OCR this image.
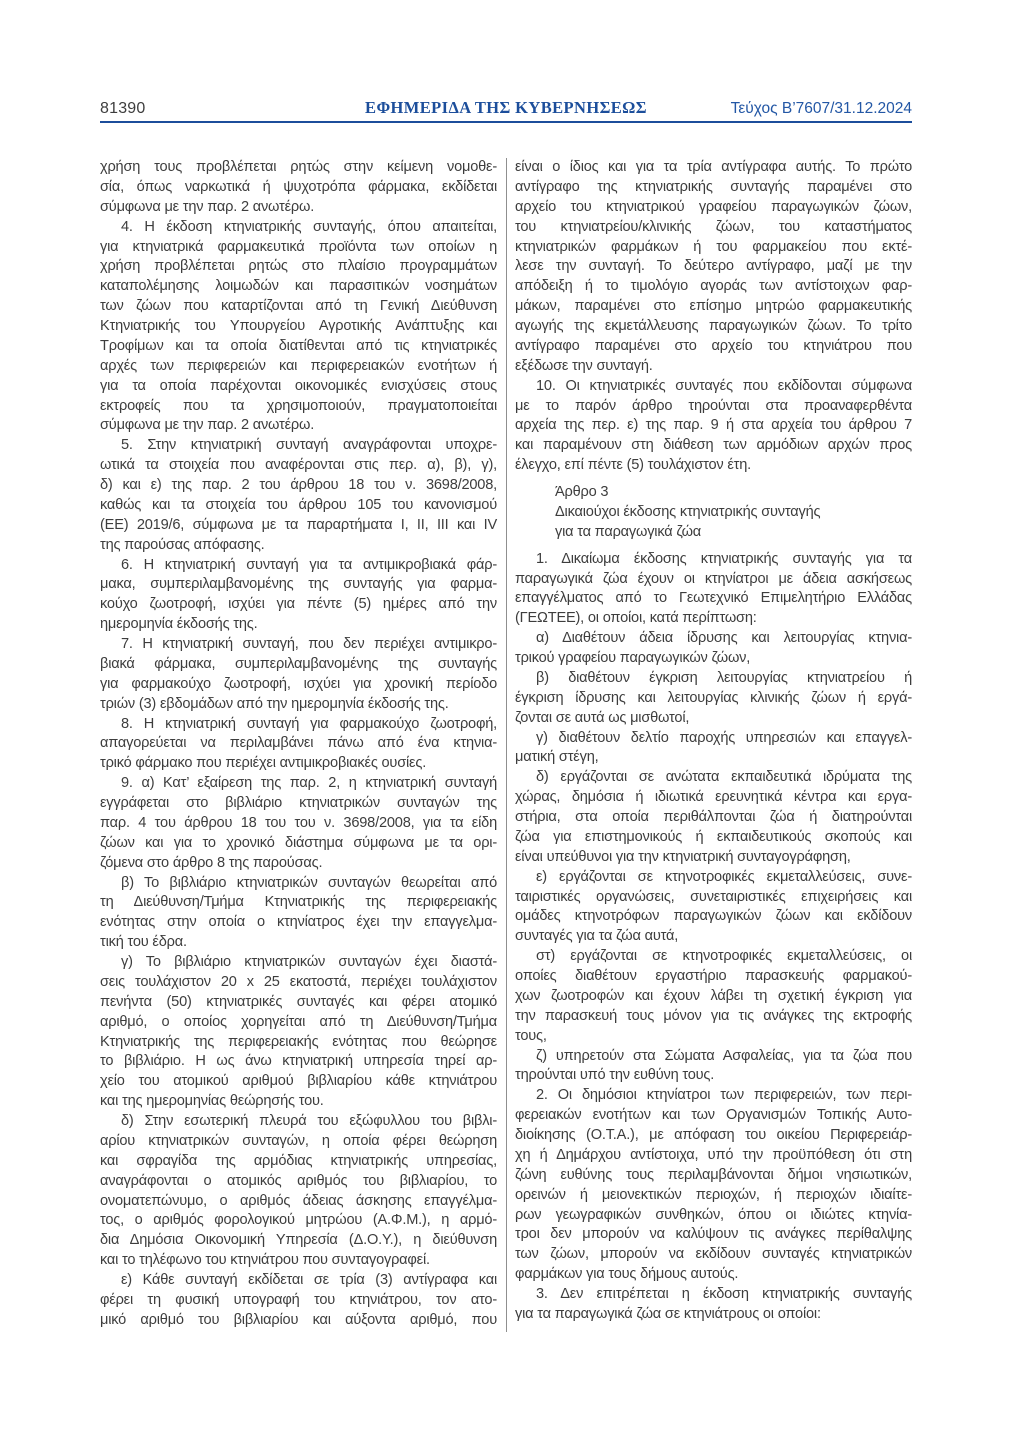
81390	ΕΦΗΜΕΡΙΔΑ ΤΗΣ ΚΥΒΕΡΝΗΣΕΩΣ	Τεύχος Β’7607/31.12.2024
χρήση τους προβλέπεται ρητώς στην κείμενη νομοθε-
σία, όπως ναρκωτικά ή ψυχοτρόπα φάρμακα, εκδίδεται
σύμφωνα με την παρ. 2 ανωτέρω.
4. Η έκδοση κτηνιατρικής συνταγής, όπου απαιτείται,
για κτηνιατρικά φαρμακευτικά προϊόντα των οποίων η
χρήση προβλέπεται ρητώς στο πλαίσιο προγραμμάτων
καταπολέμησης λοιμωδών και παρασιτικών νοσημάτων
των ζώων που καταρτίζονται από τη Γενική Διεύθυνση
Κτηνιατρικής του Υπουργείου Αγροτικής Ανάπτυξης και
Τροφίμων και τα οποία διατίθενται από τις κτηνιατρικές
αρχές των περιφερειών και περιφερειακών ενοτήτων ή
για τα οποία παρέχονται οικονομικές ενισχύσεις στους
εκτροφείς που τα χρησιμοποιούν, πραγματοποιείται
σύμφωνα με την παρ. 2 ανωτέρω.
5. Στην κτηνιατρική συνταγή αναγράφονται υποχρε-
ωτικά τα στοιχεία που αναφέρονται στις περ. α), β), γ),
δ) και ε) της παρ. 2 του άρθρου 18 του ν. 3698/2008,
καθώς και τα στοιχεία του άρθρου 105 του κανονισμού
(ΕΕ) 2019/6, σύμφωνα με τα παραρτήματα Ι, ΙΙ, ΙΙΙ και IV
της παρούσας απόφασης.
6. Η κτηνιατρική συνταγή για τα αντιμικροβιακά φάρ-
μακα, συμπεριλαμβανομένης της συνταγής για φαρμα-
κούχο ζωοτροφή, ισχύει για πέντε (5) ημέρες από την
ημερομηνία έκδοσής της.
7. Η κτηνιατρική συνταγή, που δεν περιέχει αντιμικρο-
βιακά φάρμακα, συμπεριλαμβανομένης της συνταγής
για φαρμακούχο ζωοτροφή, ισχύει για χρονική περίοδο
τριών (3) εβδομάδων από την ημερομηνία έκδοσής της.
8. Η κτηνιατρική συνταγή για φαρμακούχο ζωοτροφή,
απαγορεύεται να περιλαμβάνει πάνω από ένα κτηνια-
τρικό φάρμακο που περιέχει αντιμικροβιακές ουσίες.
9. α) Κατ’ εξαίρεση της παρ. 2, η κτηνιατρική συνταγή
εγγράφεται στο βιβλιάριο κτηνιατρικών συνταγών της
παρ. 4 του άρθρου 18 του του ν. 3698/2008, για τα είδη
ζώων και για το χρονικό διάστημα σύμφωνα με τα ορι-
ζόμενα στο άρθρο 8 της παρούσας.
β) Το βιβλιάριο κτηνιατρικών συνταγών θεωρείται από
τη Διεύθυνση/Τμήμα Κτηνιατρικής της περιφερειακής
ενότητας στην οποία ο κτηνίατρος έχει την επαγγελμα-
τική του έδρα.
γ) Το βιβλιάριο κτηνιατρικών συνταγών έχει διαστά-
σεις τουλάχιστον 20 x 25 εκατοστά, περιέχει τουλάχιστον
πενήντα (50) κτηνιατρικές συνταγές και φέρει ατομικό
αριθμό, ο οποίος χορηγείται από τη Διεύθυνση/Τμήμα
Κτηνιατρικής της περιφερειακής ενότητας που θεώρησε
το βιβλιάριο. Η ως άνω κτηνιατρική υπηρεσία τηρεί αρ-
χείο του ατομικού αριθμού βιβλιαρίου κάθε κτηνιάτρου
και της ημερομηνίας θεώρησής του.
δ) Στην εσωτερική πλευρά του εξώφυλλου του βιβλι-
αρίου κτηνιατρικών συνταγών, η οποία φέρει θεώρηση
και σφραγίδα της αρμόδιας κτηνιατρικής υπηρεσίας,
αναγράφονται ο ατομικός αριθμός του βιβλιαρίου, το
ονοματεπώνυμο, ο αριθμός άδειας άσκησης επαγγέλμα-
τος, ο αριθμός φορολογικού μητρώου (Α.Φ.Μ.), η αρμό-
δια Δημόσια Οικονομική Υπηρεσία (Δ.Ο.Υ.), η διεύθυνση
και το τηλέφωνο του κτηνιάτρου που συνταγογραφεί.
ε) Κάθε συνταγή εκδίδεται σε τρία (3) αντίγραφα και
φέρει τη φυσική υπογραφή του κτηνιάτρου, τον ατο-
μικό αριθμό του βιβλιαρίου και αύξοντα αριθμό, που
είναι ο ίδιος και για τα τρία αντίγραφα αυτής. Το πρώτο
αντίγραφο της κτηνιατρικής συνταγής παραμένει στο
αρχείο του κτηνιατρικού γραφείου παραγωγικών ζώων,
του κτηνιατρείου/κλινικής ζώων, του καταστήματος
κτηνιατρικών φαρμάκων ή του φαρμακείου που εκτέ-
λεσε την συνταγή. Το δεύτερο αντίγραφο, μαζί με την
απόδειξη ή το τιμολόγιο αγοράς των αντίστοιχων φαρ-
μάκων, παραμένει στο επίσημο μητρώο φαρμακευτικής
αγωγής της εκμετάλλευσης παραγωγικών ζώων. Το τρίτο
αντίγραφο παραμένει στο αρχείο του κτηνιάτρου που
εξέδωσε την συνταγή.
10. Οι κτηνιατρικές συνταγές που εκδίδονται σύμφωνα
με το παρόν άρθρο τηρούνται στα προαναφερθέντα
αρχεία της περ. ε) της παρ. 9 ή στα αρχεία του άρθρου 7
και παραμένουν στη διάθεση των αρμόδιων αρχών προς
έλεγχο, επί πέντε (5) τουλάχιστον έτη.
Άρθρο 3
Δικαιούχοι έκδοσης κτηνιατρικής συνταγής
για τα παραγωγικά ζώα
1. Δικαίωμα έκδοσης κτηνιατρικής συνταγής για τα
παραγωγικά ζώα έχουν οι κτηνίατροι με άδεια ασκήσεως
επαγγέλματος από το Γεωτεχνικό Επιμελητήριο Ελλάδας
(ΓΕΩΤΕΕ), οι οποίοι, κατά περίπτωση:
α) Διαθέτουν άδεια ίδρυσης και λειτουργίας κτηνια-
τρικού γραφείου παραγωγικών ζώων,
β) διαθέτουν έγκριση λειτουργίας κτηνιατρείου ή
έγκριση ίδρυσης και λειτουργίας κλινικής ζώων ή εργά-
ζονται σε αυτά ως μισθωτοί,
γ) διαθέτουν δελτίο παροχής υπηρεσιών και επαγγελ-
ματική στέγη,
δ) εργάζονται σε ανώτατα εκπαιδευτικά ιδρύματα της
χώρας, δημόσια ή ιδιωτικά ερευνητικά κέντρα και εργα-
στήρια, στα οποία περιθάλπονται ζώα ή διατηρούνται
ζώα για επιστημονικούς ή εκπαιδευτικούς σκοπούς και
είναι υπεύθυνοι για την κτηνιατρική συνταγογράφηση,
ε) εργάζονται σε κτηνοτροφικές εκμεταλλεύσεις, συνε-
ταιριστικές οργανώσεις, συνεταιριστικές επιχειρήσεις και
ομάδες κτηνοτρόφων παραγωγικών ζώων και εκδίδουν
συνταγές για τα ζώα αυτά,
στ) εργάζονται σε κτηνοτροφικές εκμεταλλεύσεις, οι
οποίες διαθέτουν εργαστήριο παρασκευής φαρμακού-
χων ζωοτροφών και έχουν λάβει τη σχετική έγκριση για
την παρασκευή τους μόνον για τις ανάγκες της εκτροφής
τους,
ζ) υπηρετούν στα Σώματα Ασφαλείας, για τα ζώα που
τηρούνται υπό την ευθύνη τους.
2. Οι δημόσιοι κτηνίατροι των περιφερειών, των περι-
φερειακών ενοτήτων και των Οργανισμών Τοπικής Αυτο-
διοίκησης (Ο.Τ.Α.), με απόφαση του οικείου Περιφερειάρ-
χη ή Δημάρχου αντίστοιχα, υπό την προϋπόθεση ότι στη
ζώνη ευθύνης τους περιλαμβάνονται δήμοι νησιωτικών,
ορεινών ή μειονεκτικών περιοχών, ή περιοχών ιδιαίτε-
ρων γεωγραφικών συνθηκών, όπου οι ιδιώτες κτηνία-
τροι δεν μπορούν να καλύψουν τις ανάγκες περίθαλψης
των ζώων, μπορούν να εκδίδουν συνταγές κτηνιατρικών
φαρμάκων για τους δήμους αυτούς.
3. Δεν επιτρέπεται η έκδοση κτηνιατρικής συνταγής
για τα παραγωγικά ζώα σε κτηνιάτρους οι οποίοι:
